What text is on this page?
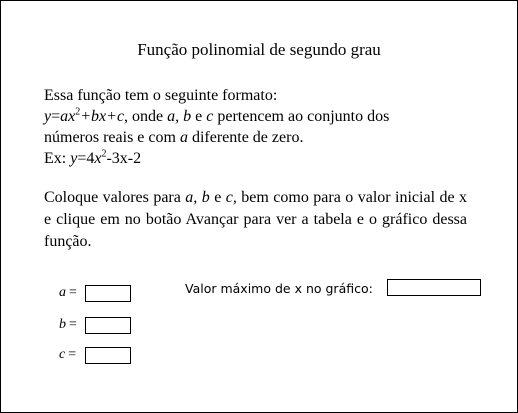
Função polinomial de segundo grau

Essa função tem o seguinte formato:

$y=ax^2+bx+c$, onde a, b e c pertencem ao conjunto dos

números reais e com a diferente de zero.

Ex: $y=4x^2-3x-2$

Coloque valores para a, b e c, bem como para o valor inicial de x e clique em no botão Avançar para ver a tabela e o gráfico dessa função.
a =
b =
c =
Valor máximo de x no gráfico:
